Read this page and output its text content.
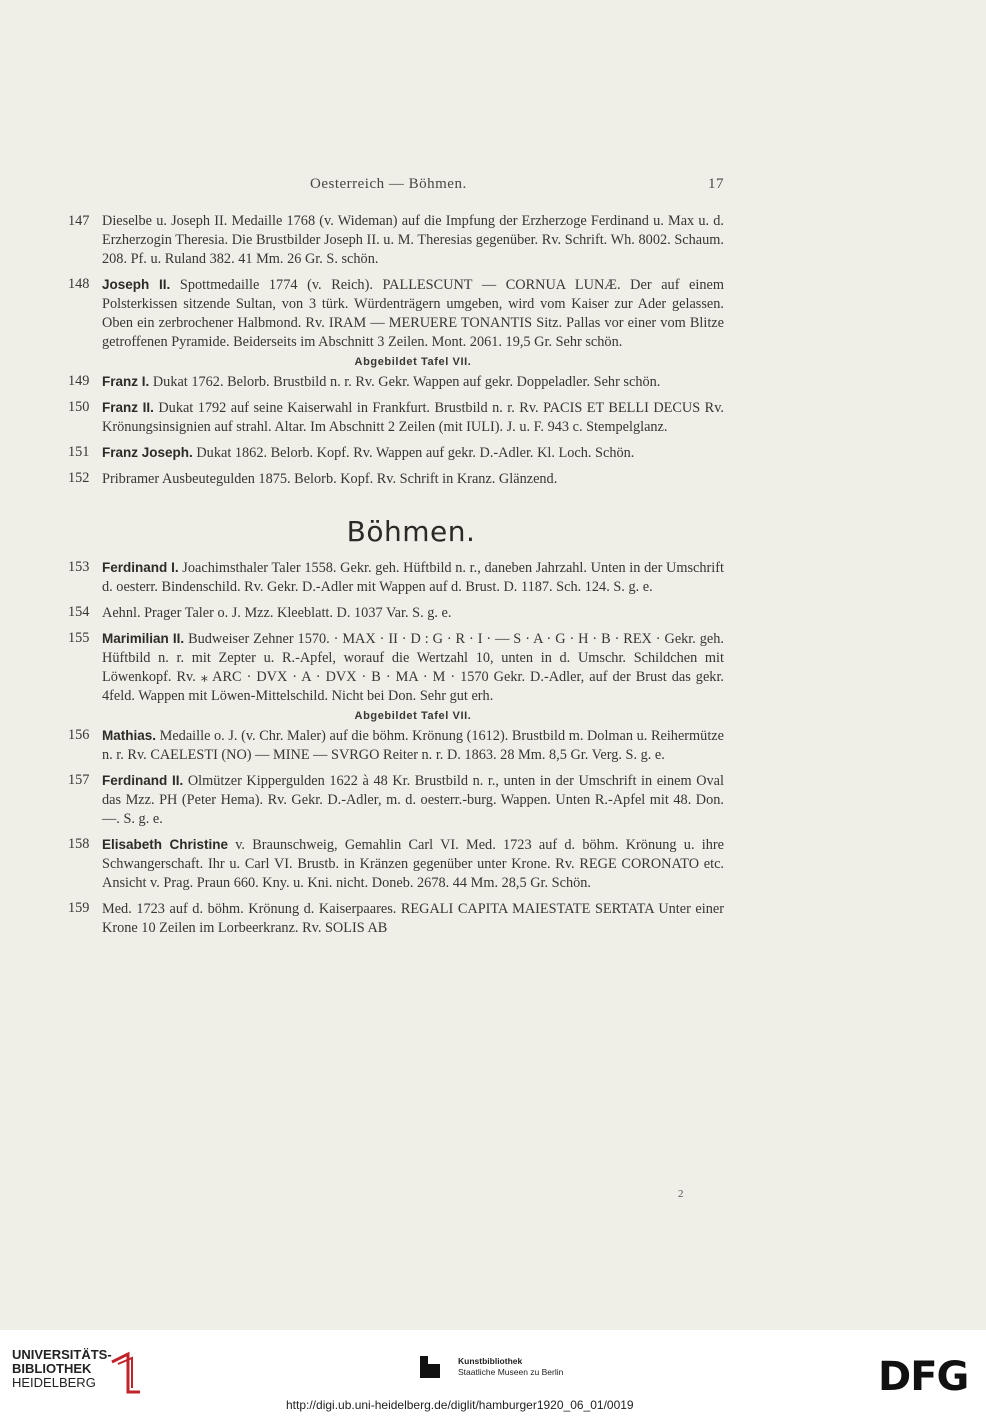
Oesterreich — Böhmen.	17
147 Dieselbe u. Joseph II. Medaille 1768 (v. Wideman) auf die Impfung der Erzherzoge Ferdinand u. Max u. d. Erzherzogin Theresia. Die Brustbilder Joseph II. u. M. Theresias gegenüber. Rv. Schrift. Wh. 8002. Schaum. 208. Pf. u. Ruland 382. 41 Mm. 26 Gr. S. schön.
148 Joseph II. Spottmedaille 1774 (v. Reich). PALLESCUNT — CORNUA LUNÆ. Der auf einem Polsterkissen sitzende Sultan, von 3 türk. Würdenträgern umgeben, wird vom Kaiser zur Ader gelassen. Oben ein zerbrochener Halbmond. Rv. IRAM — MERUERE TONANTIS Sitz. Pallas vor einer vom Blitze getroffenen Pyramide. Beiderseits im Abschnitt 3 Zeilen. Mont. 2061. 19,5 Gr. Sehr schön.
Abgebildet Tafel VII.
149 Franz I. Dukat 1762. Belorb. Brustbild n. r. Rv. Gekr. Wappen auf gekr. Doppeladler. Sehr schön.
150 Franz II. Dukat 1792 auf seine Kaiserwahl in Frankfurt. Brustbild n. r. Rv. PACIS ET BELLI DECUS Rv. Krönungsinsignien auf strahl. Altar. Im Abschnitt 2 Zeilen (mit IULI). J. u. F. 943 c. Stempelglanz.
151 Franz Joseph. Dukat 1862. Belorb. Kopf. Rv. Wappen auf gekr. D.-Adler. Kl. Loch. Schön.
152 Pribramer Ausbeutegulden 1875. Belorb. Kopf. Rv. Schrift in Kranz. Glänzend.
Böhmen.
153 Ferdinand I. Joachimsthaler Taler 1558. Gekr. geh. Hüftbild n. r., daneben Jahrzahl. Unten in der Umschrift d. oesterr. Bindenschild. Rv. Gekr. D.-Adler mit Wappen auf d. Brust. D. 1187. Sch. 124. S. g. e.
154 Aehnl. Prager Taler o. J. Mzz. Kleeblatt. D. 1037 Var. S. g. e.
155 Marimilian II. Budweiser Zehner 1570. · MAX · II · D : G · R · I · — S · A · G · H · B · REX · Gekr. geh. Hüftbild n. r. mit Zepter u. R.-Apfel, worauf die Wertzahl 10, unten in d. Umschr. Schildchen mit Löwenkopf. Rv. ⁎ ARC · DVX · A · DVX · B · MA · M · 1570 Gekr. D.-Adler, auf der Brust das gekr. 4feld. Wappen mit Löwen-Mittelschild. Nicht bei Don. Sehr gut erh.
Abgebildet Tafel VII.
156 Mathias. Medaille o. J. (v. Chr. Maler) auf die böhm. Krönung (1612). Brustbild m. Dolman u. Reihermütze n. r. Rv. CAELESTI (NO) — MINE — SVRGO Reiter n. r. D. 1863. 28 Mm. 8,5 Gr. Verg. S. g. e.
157 Ferdinand II. Olmützer Kippergulden 1622 à 48 Kr. Brustbild n. r., unten in der Umschrift in einem Oval das Mzz. PH (Peter Hema). Rv. Gekr. D.-Adler, m. d. oesterr.-burg. Wappen. Unten R.-Apfel mit 48. Don. —. S. g. e.
158 Elisabeth Christine v. Braunschweig, Gemahlin Carl VI. Med. 1723 auf d. böhm. Krönung u. ihre Schwangerschaft. Ihr u. Carl VI. Brustb. in Kränzen gegenüber unter Krone. Rv. REGE CORONATO etc. Ansicht v. Prag. Praun 660. Kny. u. Kni. nicht. Doneb. 2678. 44 Mm. 28,5 Gr. Schön.
159 Med. 1723 auf d. böhm. Krönung d. Kaiserpaares. REGALI CAPITA MAIESTATE SERTATA Unter einer Krone 10 Zeilen im Lorbeerkranz. Rv. SOLIS AB
2
UNIVERSITÄTS-
BIBLIOTHEK
HEIDELBERG
Kunstbibliothek
Staatliche Museen zu Berlin	DFG
http://digi.ub.uni-heidelberg.de/diglit/hamburger1920_06_01/0019
